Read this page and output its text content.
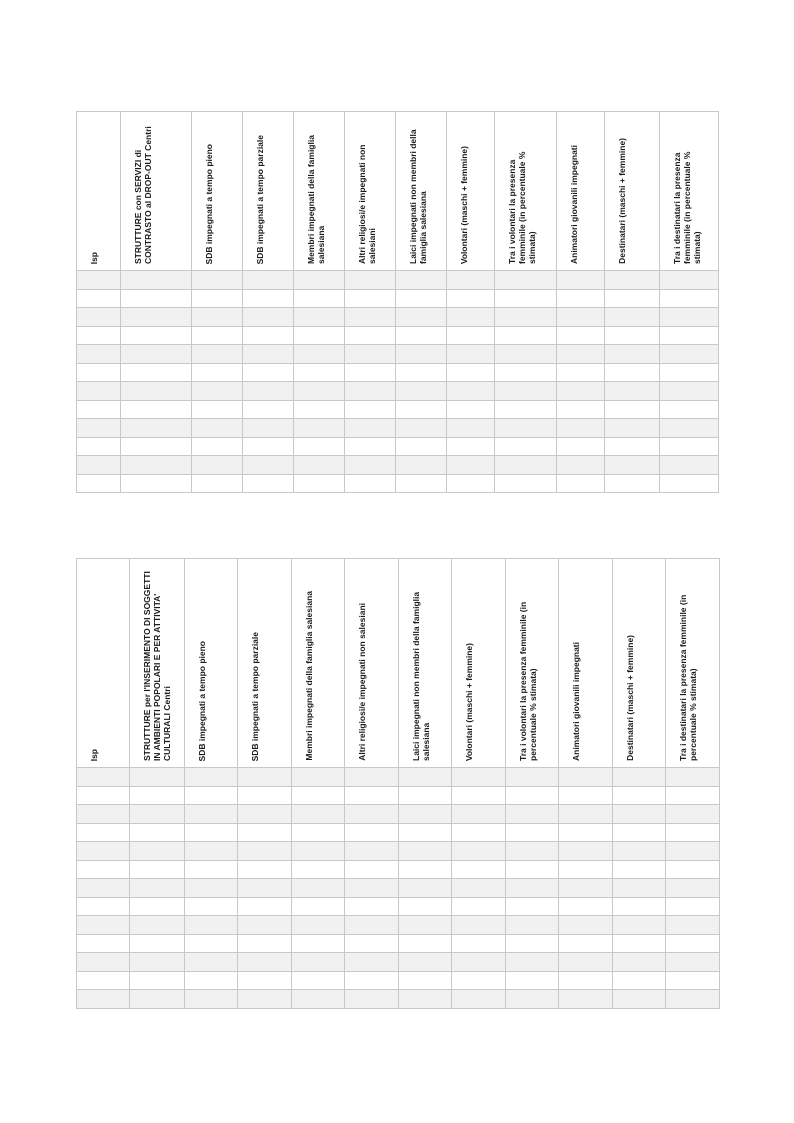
Isp	STRUTTURE con SERVIZI di CONTRASTO al DROP-OUT Centri	SDB impegnati a tempo pieno	SDB impegnati a tempo parziale	Membri impegnati della famiglia salesiana	Altri religiosi/e impegnati non salesiani	Laici impegnati non membri della famiglia salesiana	Volontari (maschi + femmine)	Tra i volontari la presenza femminile (in percentuale % stimata)	Animatori giovanili impegnati	Destinatari (maschi + femmine)	Tra i destinatari la presenza femminile (in percentuale % stimata)

Isp	STRUTTURE per l'INSERIMENTO DI SOGGETTI IN AMBIENTI POPOLARI E PER ATTIVITA' CULTURALI Centri	SDB impegnati a tempo pieno	SDB impegnati a tempo parziale	Membri impegnati della famiglia salesiana	Altri religiosi/e impegnati non salesiani	Laici impegnati non membri della famiglia salesiana	Volontari (maschi + femmine)	Tra i volontari la presenza femminile (in percentuale % stimata)	Animatori giovanili impegnati	Destinatari (maschi + femmine)	Tra i destinatari la presenza femminile (in percentuale % stimata)
